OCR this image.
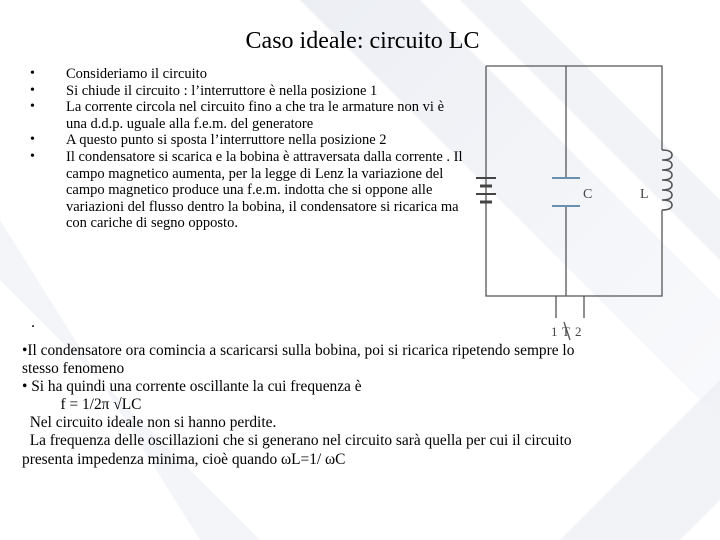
Caso ideale: circuito LC
• Consideriamo il circuito
• Si chiude il circuito : l’interruttore è nella posizione 1
• La corrente circola nel circuito fino a che tra le armature non vi è una d.d.p. uguale alla f.e.m. del generatore
• A questo punto si sposta l’interruttore nella posizione 2
• Il condensatore si scarica e la bobina è attraversata dalla corrente . Il campo magnetico aumenta, per la legge di Lenz la variazione del campo magnetico produce una f.e.m. indotta che si oppone alle variazioni del flusso dentro la bobina, il condensatore si ricarica ma con cariche di segno opposto.
.
C	L
1 T 2
•Il condensatore ora comincia a scaricarsi sulla bobina, poi si ricarica ripetendo sempre lo
stesso fenomeno
• Si ha quindi una corrente oscillante la cui frequenza è
f = 1/2π √LC
Nel circuito ideale non si hanno perdite.
La frequenza delle oscillazioni che si generano nel circuito sarà quella per cui il circuito
presenta impedenza minima, cioè quando ωL=1/ ωC
